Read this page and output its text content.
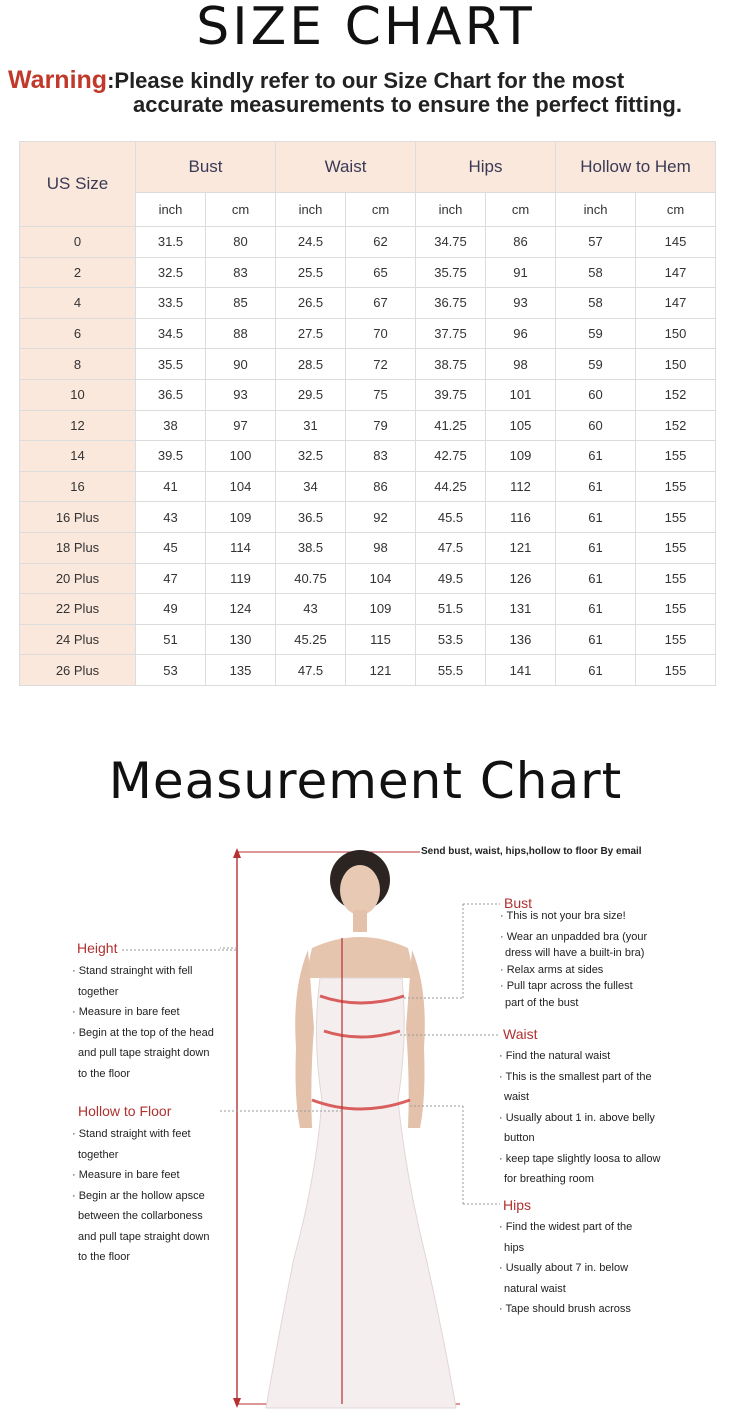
SIZE CHART
Warning:Please kindly refer to our Size Chart for the most
accurate measurements to ensure the perfect fitting.
US Size	Bust		Waist		Hips		Hollow to Hem	
	inch	cm	inch	cm	inch	cm	inch	cm
0	31.5	80	24.5	62	34.75	86	57	145
2	32.5	83	25.5	65	35.75	91	58	147
4	33.5	85	26.5	67	36.75	93	58	147
6	34.5	88	27.5	70	37.75	96	59	150
8	35.5	90	28.5	72	38.75	98	59	150
10	36.5	93	29.5	75	39.75	101	60	152
12	38	97	31	79	41.25	105	60	152
14	39.5	100	32.5	83	42.75	109	61	155
16	41	104	34	86	44.25	112	61	155
16 Plus	43	109	36.5	92	45.5	116	61	155
18 Plus	45	114	38.5	98	47.5	121	61	155
20 Plus	47	119	40.75	104	49.5	126	61	155
22 Plus	49	124	43	109	51.5	131	61	155
24 Plus	51	130	45.25	115	53.5	136	61	155
26 Plus	53	135	47.5	121	55.5	141	61	155
Measurement Chart
Send bust, waist, hips,hollow to floor By email
Height
· Stand strainght with fell
together
· Measure in bare feet
· Begin at the top of the head
and pull tape straight down
to the floor
Hollow to Floor
· Stand straight with feet
together
· Measure in bare feet
· Begin ar the hollow apsce
between the collarboness
and pull tape straight down
to the floor
Bust
· This is not your bra size!
· Wear an unpadded bra (your
dress will have a built-in bra)
· Relax arms at sides
· Pull tapr across the fullest
part of the bust
Waist
· Find the natural waist
· This is the smallest part of the
waist
· Usually about 1 in. above belly
button
· keep tape slightly loosa to allow
for breathing room
Hips
· Find the widest part of the
hips
· Usually about 7 in. below
natural waist
· Tape should brush across
